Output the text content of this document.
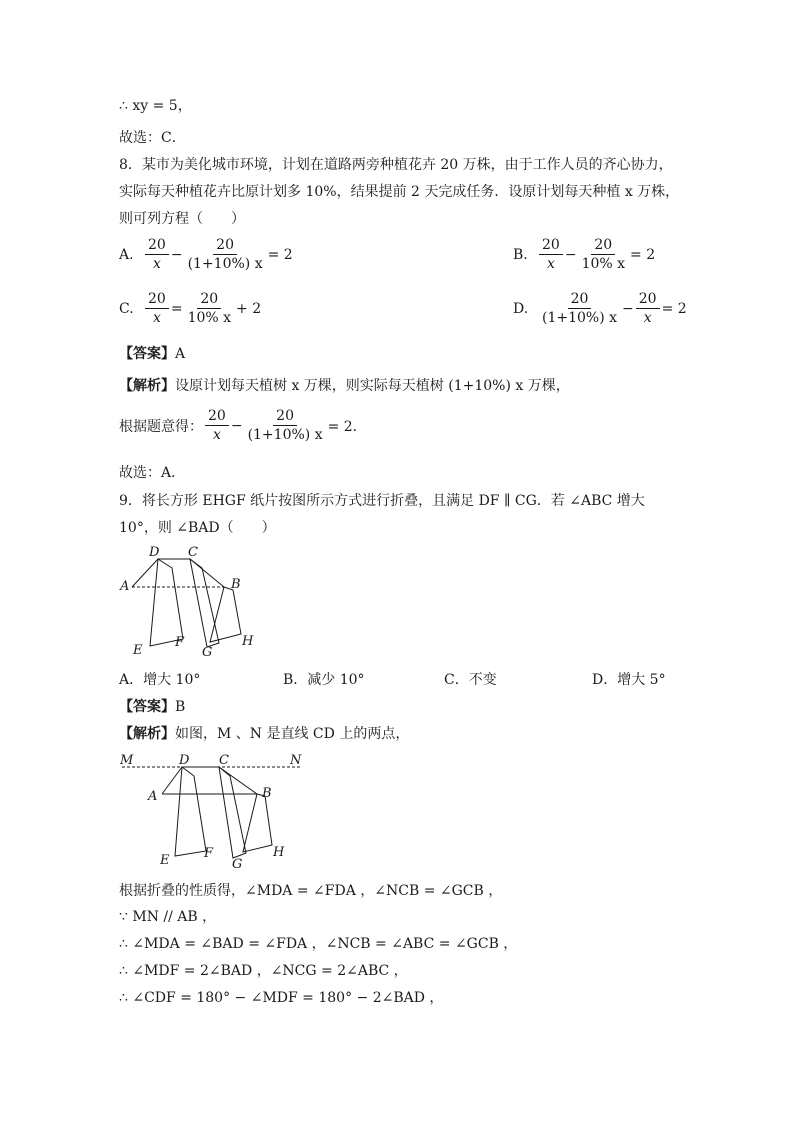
∴ xy = 5，
故选：C．
8．某市为美化城市环境，计划在道路两旁种植花卉 20 万株，由于工作人员的齐心协力，
实际每天种植花卉比原计划多 10%，结果提前 2 天完成任务．设原计划每天种植 x 万株，
则可列方程（　　）
A. $\frac{20}{x} - \frac{20}{(1+10\%) x} = 2$	B. $\frac{20}{x} - \frac{20}{10\% x} = 2$
C. $\frac{20}{x} = \frac{20}{10\% x} + 2$	D. $\frac{20}{(1+10\%) x} - \frac{20}{x} = 2$
【答案】A
【解析】设原计划每天植树 x 万棵，则实际每天植树 (1+10%) x 万棵，
根据题意得： $\frac{20}{x} - \frac{20}{(1+10\%) x} = 2$．
故选：A．
9．将长方形 EHGF 纸片按图所示方式进行折叠，且满足 DF ∥ CG．若 ∠ABC 增大
10°，则 ∠BAD（　　）
D C
A	B
E
F
G
H
A．增大 10°	B．减少 10°	C．不变	D．增大 5°
【答案】B
【解析】如图，M 、N 是直线 CD 上的两点，
M	N
D C
A	B
E	F
G
H
根据折叠的性质得，∠MDA = ∠FDA ，∠NCB = ∠GCB ，
∵ MN // AB ，
∴ ∠MDA = ∠BAD = ∠FDA ，∠NCB = ∠ABC = ∠GCB ，
∴ ∠MDF = 2∠BAD ，∠NCG = 2∠ABC ，
∴ ∠CDF = 180° − ∠MDF = 180° − 2∠BAD ，
